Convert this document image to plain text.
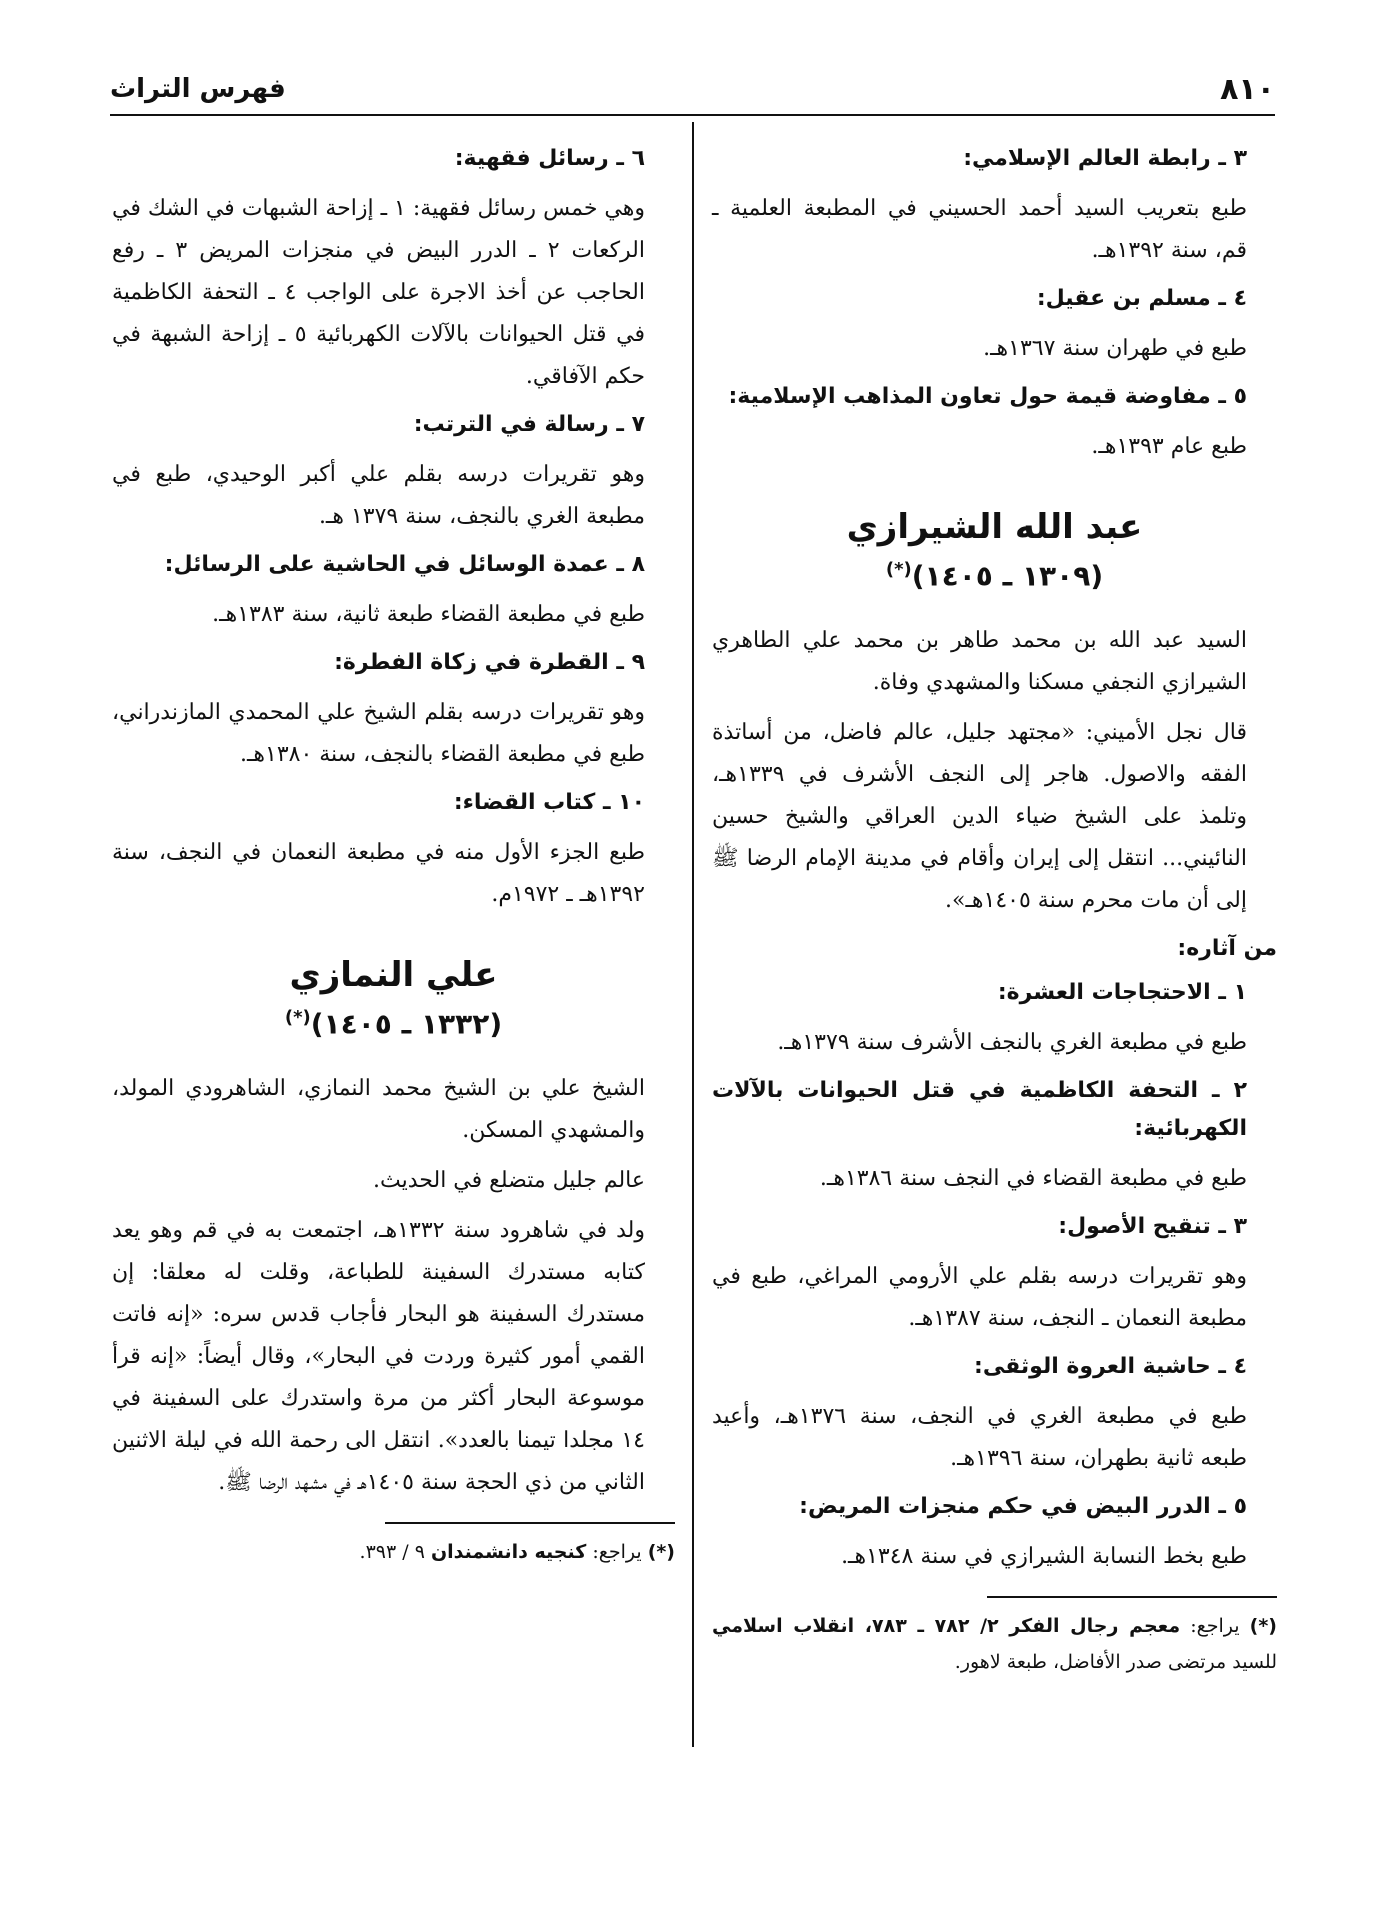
٨١٠
فهرس التراث
٣ ـ رابطة العالم الإسلامي:
طبع بتعريب السيد أحمد الحسيني في المطبعة العلمية ـ قم، سنة ١٣٩٢هـ.
٤ ـ مسلم بن عقيل:
طبع في طهران سنة ١٣٦٧هـ.
٥ ـ مفاوضة قيمة حول تعاون المذاهب الإسلامية:
طبع عام ١٣٩٣هـ.
عبد الله الشيرازي
(١٣٠٩ ـ ١٤٠٥)(*)
السيد عبد الله بن محمد طاهر بن محمد علي الطاهري الشيرازي النجفي مسكنا والمشهدي وفاة.
قال نجل الأميني: «مجتهد جليل، عالم فاضل، من أساتذة الفقه والاصول. هاجر إلى النجف الأشرف في ١٣٣٩هـ، وتلمذ على الشيخ ضياء الدين العراقي والشيخ حسين النائيني... انتقل إلى إيران وأقام في مدينة الإمام الرضا ﷺ إلى أن مات محرم سنة ١٤٠٥هـ».
من آثاره:
١ ـ الاحتجاجات العشرة:
طبع في مطبعة الغري بالنجف الأشرف سنة ١٣٧٩هـ.
٢ ـ التحفة الكاظمية في قتل الحيوانات بالآلات الكهربائية:
طبع في مطبعة القضاء في النجف سنة ١٣٨٦هـ.
٣ ـ تنقيح الأصول:
وهو تقريرات درسه بقلم علي الأرومي المراغي، طبع في مطبعة النعمان ـ النجف، سنة ١٣٨٧هـ.
٤ ـ حاشية العروة الوثقى:
طبع في مطبعة الغري في النجف، سنة ١٣٧٦هـ، وأعيد طبعه ثانية بطهران، سنة ١٣٩٦هـ.
٥ ـ الدرر البيض في حكم منجزات المريض:
طبع بخط النسابة الشيرازي في سنة ١٣٤٨هـ.
(*) يراجع: معجم رجال الفكر ٢/ ٧٨٢ ـ ٧٨٣، انقلاب اسلامي للسيد مرتضى صدر الأفاضل، طبعة لاهور.
٦ ـ رسائل فقهية:
وهي خمس رسائل فقهية: ١ ـ إزاحة الشبهات في الشك في الركعات ٢ ـ الدرر البيض في منجزات المريض ٣ ـ رفع الحاجب عن أخذ الاجرة على الواجب ٤ ـ التحفة الكاظمية في قتل الحيوانات بالآلات الكهربائية ٥ ـ إزاحة الشبهة في حكم الآفاقي.
٧ ـ رسالة في الترتب:
وهو تقريرات درسه بقلم علي أكبر الوحيدي، طبع في مطبعة الغري بالنجف، سنة ١٣٧٩ هـ.
٨ ـ عمدة الوسائل في الحاشية على الرسائل:
طبع في مطبعة القضاء طبعة ثانية، سنة ١٣٨٣هـ.
٩ ـ القطرة في زكاة الفطرة:
وهو تقريرات درسه بقلم الشيخ علي المحمدي المازندراني، طبع في مطبعة القضاء بالنجف، سنة ١٣٨٠هـ.
١٠ ـ كتاب القضاء:
طبع الجزء الأول منه في مطبعة النعمان في النجف، سنة ١٣٩٢هـ ـ ١٩٧٢م.
علي النمازي
(١٣٣٢ ـ ١٤٠٥)(*)
الشيخ علي بن الشيخ محمد النمازي، الشاهرودي المولد، والمشهدي المسكن.
عالم جليل متضلع في الحديث.
ولد في شاهرود سنة ١٣٣٢هـ، اجتمعت به في قم وهو يعد كتابه مستدرك السفينة للطباعة، وقلت له معلقا: إن مستدرك السفينة هو البحار فأجاب قدس سره: «إنه فاتت القمي أمور كثيرة وردت في البحار»، وقال أيضاً: «إنه قرأ موسوعة البحار أكثر من مرة واستدرك على السفينة في ١٤ مجلدا تيمنا بالعدد». انتقل الى رحمة الله في ليلة الاثنين الثاني من ذي الحجة سنة ١٤٠٥هـ في مشهد الرضا ﷺ.
(*) يراجع: كنجيه دانشمندان ٩ / ٣٩٣.
